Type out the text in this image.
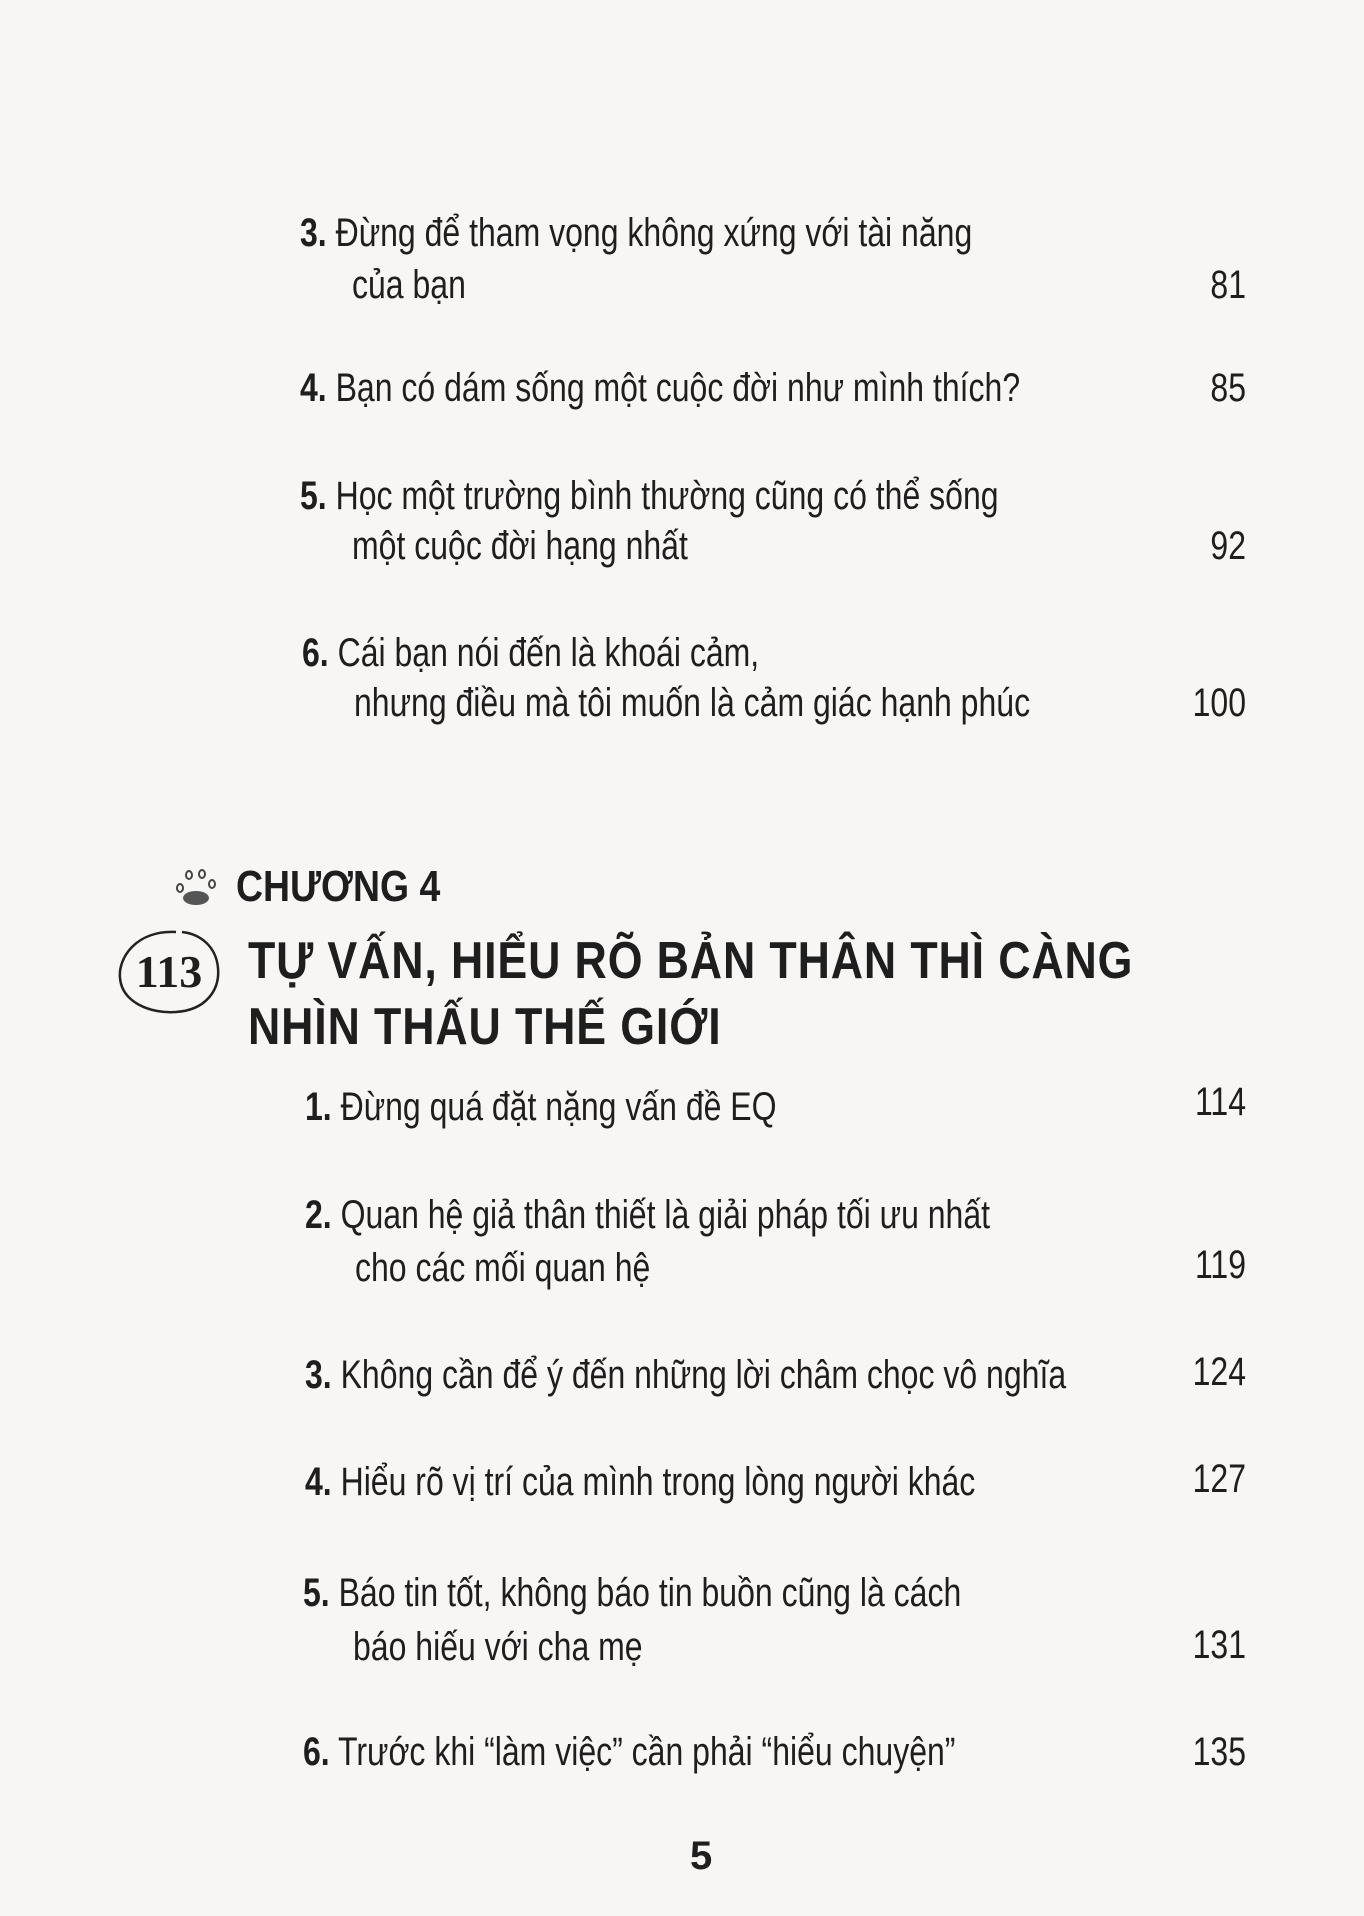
3. Đừng để tham vọng không xứng với tài năng
của bạn	81
4. Bạn có dám sống một cuộc đời như mình thích?	85
5. Học một trường bình thường cũng có thể sống
một cuộc đời hạng nhất	92
6. Cái bạn nói đến là khoái cảm,
nhưng điều mà tôi muốn là cảm giác hạnh phúc	100
CHƯƠNG 4
113 TỰ VẤN, HIỂU RÕ BẢN THÂN THÌ CÀNG
NHÌN THẤU THẾ GIỚI
1. Đừng quá đặt nặng vấn đề EQ	114
2. Quan hệ giả thân thiết là giải pháp tối ưu nhất
cho các mối quan hệ	119
3. Không cần để ý đến những lời châm chọc vô nghĩa	124
4. Hiểu rõ vị trí của mình trong lòng người khác	127
5. Báo tin tốt, không báo tin buồn cũng là cách
báo hiếu với cha mẹ	131
6. Trước khi “làm việc” cần phải “hiểu chuyện”	135
5
